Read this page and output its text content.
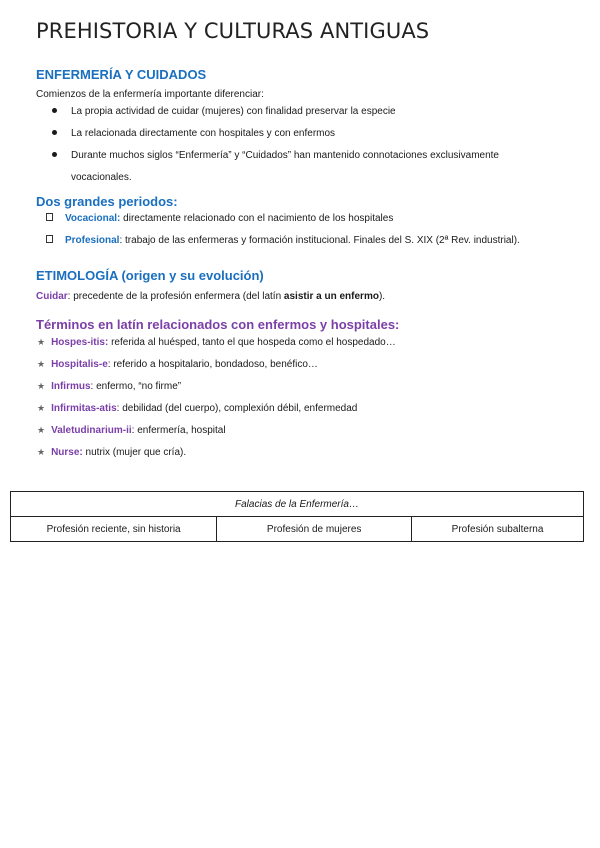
PREHISTORIA Y CULTURAS ANTIGUAS
ENFERMERÍA Y CUIDADOS
Comienzos de la enfermería importante diferenciar:
La propia actividad de cuidar (mujeres) con finalidad preservar la especie
La relacionada directamente con hospitales y con enfermos
Durante muchos siglos “Enfermería” y “Cuidados” han mantenido connotaciones exclusivamente
vocacionales.
Dos grandes periodos:
Vocacional: directamente relacionado con el nacimiento de los hospitales
Profesional: trabajo de las enfermeras y formación institucional. Finales del S. XIX (2ª Rev. industrial).
ETIMOLOGÍA (origen y su evolución)
Cuidar: precedente de la profesión enfermera (del latín asistir a un enfermo).
Términos en latín relacionados con enfermos y hospitales:
★ Hospes-itis: referida al huésped, tanto el que hospeda como el hospedado…
★ Hospitalis-e: referido a hospitalario, bondadoso, benéfico…
★ Infirmus: enfermo, “no firme”
★ Infirmitas-atis: debilidad (del cuerpo), complexión débil, enfermedad
★ Valetudinarium-ii: enfermería, hospital
★ Nurse: nutrix (mujer que cría).
Falacias de la Enfermería…
Profesión reciente, sin historia	Profesión de mujeres	Profesión subalterna
